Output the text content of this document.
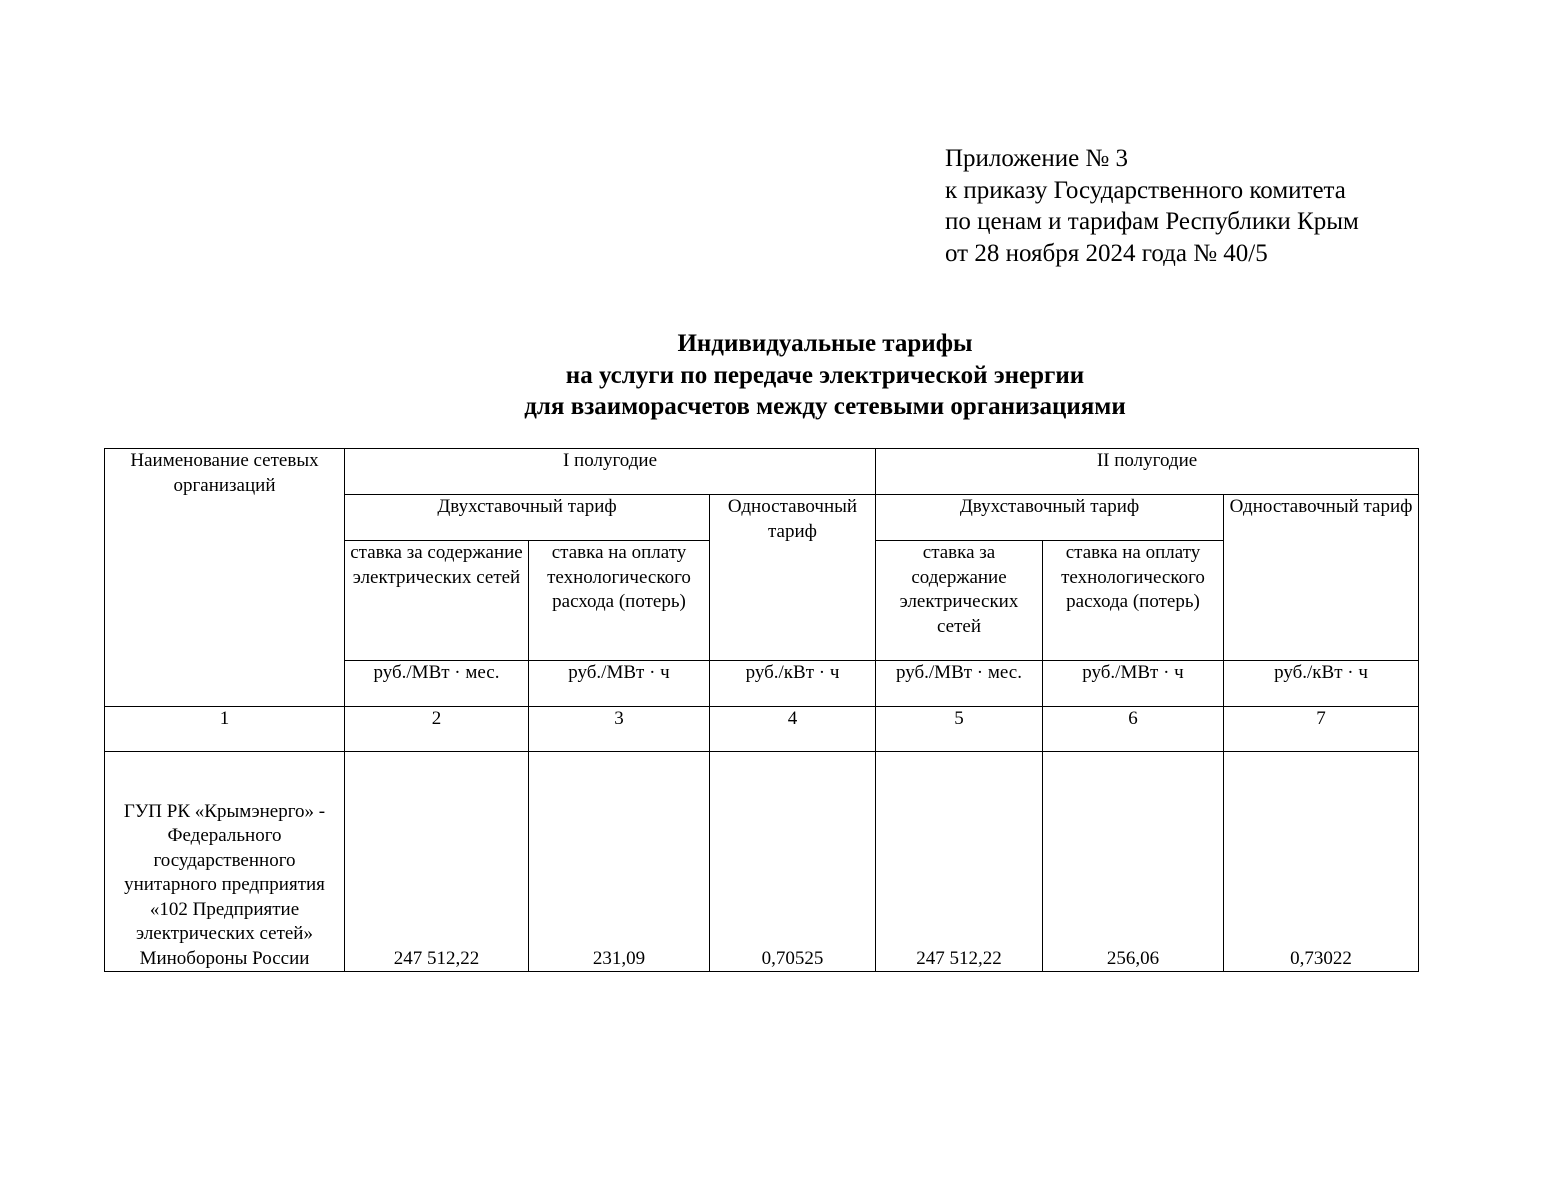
Приложение № 3
к приказу Государственного комитета
по ценам и тарифам Республики Крым
от 28 ноября 2024 года № 40/5
Индивидуальные тарифы
на услуги по передаче электрической энергии
для взаиморасчетов между сетевыми организациями
Наименование сетевых организаций	I полугодие			II полугодие		
	Двухставочный тариф		Одноставочный тариф	Двухставочный тариф		Одноставочный тариф
	ставка за содержание электрических сетей	ставка на оплату технологического расхода (потерь)		ставка за содержание электрических сетей	ставка на оплату технологического расхода (потерь)	
	руб./МВт · мес.	руб./МВт · ч	руб./кВт · ч	руб./МВт · мес.	руб./МВт · ч	руб./кВт · ч
1	2	3	4	5	6	7
ГУП РК «Крымэнерго» - Федерального государственного унитарного предприятия «102 Предприятие электрических сетей» Минобороны России	247 512,22	231,09	0,70525	247 512,22	256,06	0,73022
